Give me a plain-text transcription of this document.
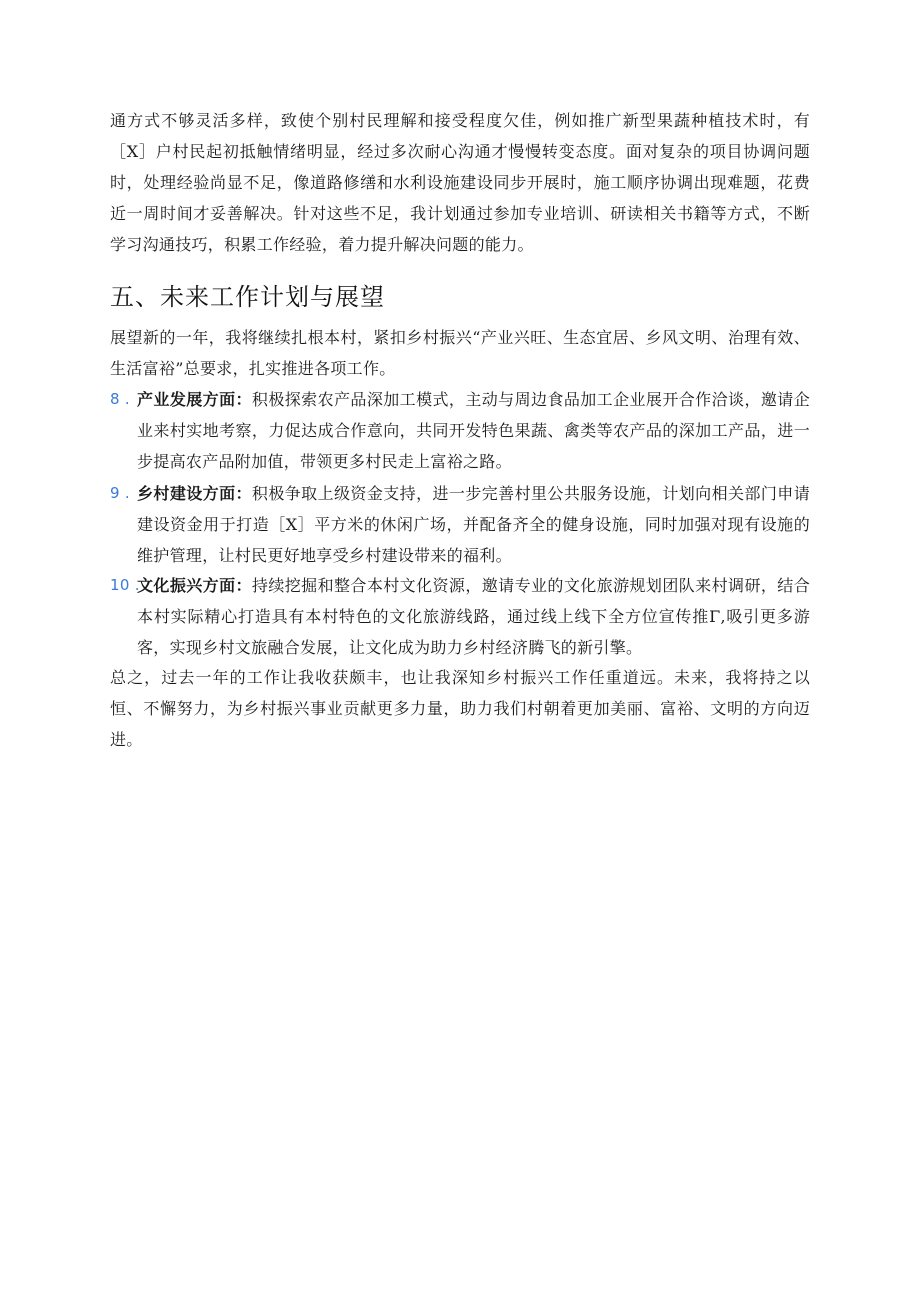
通方式不够灵活多样，致使个别村民理解和接受程度欠佳，例如推广新型果蔬种植技术时，有［X］户村民起初抵触情绪明显，经过多次耐心沟通才慢慢转变态度。面对复杂的项目协调问题时，处理经验尚显不足，像道路修缮和水利设施建设同步开展时，施工顺序协调出现难题，花费近一周时间才妥善解决。针对这些不足，我计划通过参加专业培训、研读相关书籍等方式，不断学习沟通技巧，积累工作经验，着力提升解决问题的能力。

五、未来工作计划与展望

展望新的一年，我将继续扎根本村，紧扣乡村振兴“产业兴旺、生态宜居、乡风文明、治理有效、生活富裕”总要求，扎实推进各项工作。

8 . 产业发展方面：积极探索农产品深加工模式，主动与周边食品加工企业展开合作洽谈，邀请企业来村实地考察，力促达成合作意向，共同开发特色果蔬、禽类等农产品的深加工产品，进一步提高农产品附加值，带领更多村民走上富裕之路。
9 . 乡村建设方面：积极争取上级资金支持，进一步完善村里公共服务设施，计划向相关部门申请建设资金用于打造［X］平方米的休闲广场，并配备齐全的健身设施，同时加强对现有设施的维护管理，让村民更好地享受乡村建设带来的福利。
10 .
文化振兴方面：持续挖掘和整合本村文化资源，邀请专业的文化旅游规划团队来村调研，结合本村实际精心打造具有本村特色的文化旅游线路，通过线上线下全方位宣传推Γ,吸引更多游客，实现乡村文旅融合发展，让文化成为助力乡村经济腾飞的新引擎。

总之，过去一年的工作让我收获颇丰，也让我深知乡村振兴工作任重道远。未来，我将持之以恒、不懈努力，为乡村振兴事业贡献更多力量，助力我们村朝着更加美丽、富裕、文明的方向迈进。
